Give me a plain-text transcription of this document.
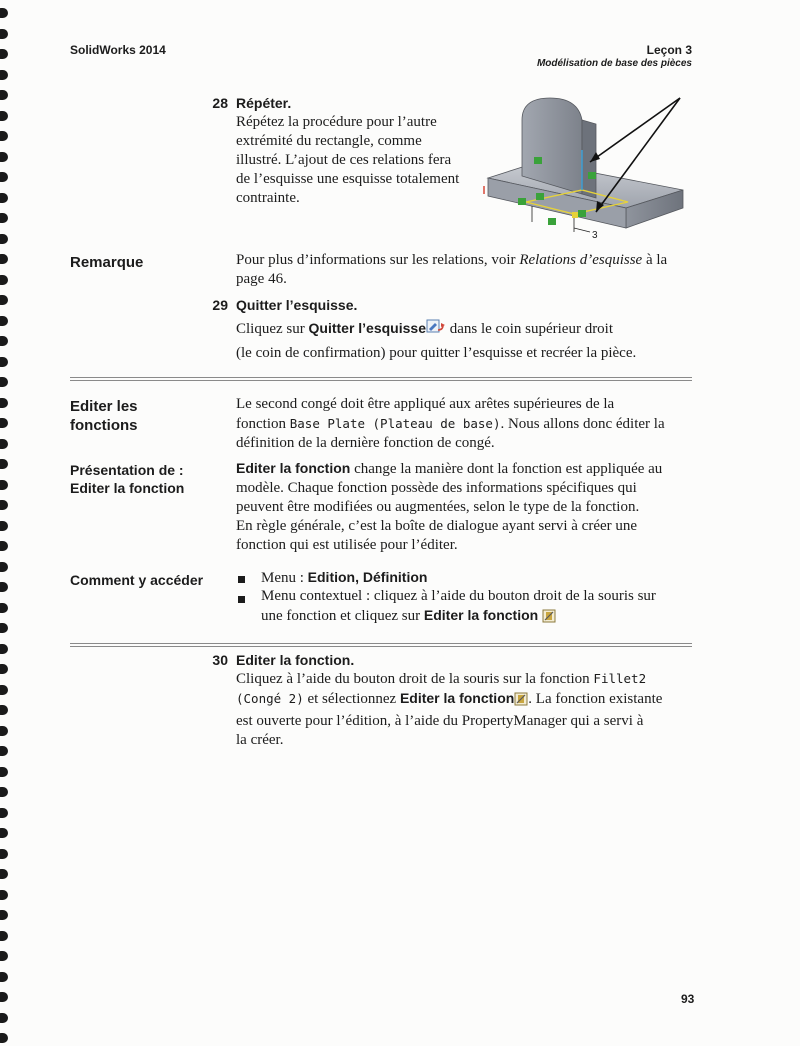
SolidWorks 2014	Leçon 3
Modélisation de base des pièces
28 Répéter.
Répétez la procédure pour l’autre
extrémité du rectangle, comme
illustré. L’ajout de ces relations fera
de l’esquisse une esquisse totalement
contrainte.
3
Remarque	Pour plus d’informations sur les relations, voir Relations d’esquisse à la
page 46.
29 Quitter l’esquisse.
Cliquez sur Quitter l’esquisse dans le coin supérieur droit
(le coin de confirmation) pour quitter l’esquisse et recréer la pièce.
Editer les
fonctions
Le second congé doit être appliqué aux arêtes supérieures de la
fonction Base Plate (Plateau de base). Nous allons donc éditer la
définition de la dernière fonction de congé.
Présentation de :
Editer la fonction
Editer la fonction change la manière dont la fonction est appliquée au
modèle. Chaque fonction possède des informations spécifiques qui
peuvent être modifiées ou augmentées, selon le type de la fonction.
En règle générale, c’est la boîte de dialogue ayant servi à créer une
fonction qui est utilisée pour l’éditer.
Comment y accéder	Menu : Edition, Définition
Menu contextuel : cliquez à l’aide du bouton droit de la souris sur
une fonction et cliquez sur Editer la fonction
30 Editer la fonction.
Cliquez à l’aide du bouton droit de la souris sur la fonction Fillet2
(Congé 2) et sélectionnez Editer la fonction . La fonction existante
est ouverte pour l’édition, à l’aide du PropertyManager qui a servi à
la créer.
93
